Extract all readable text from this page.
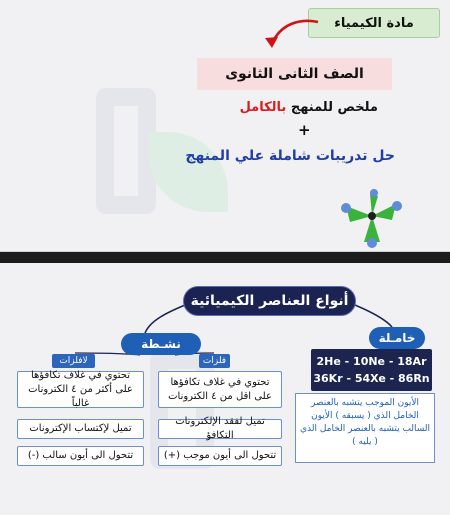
مادة الكيمياء
الصف الثانى الثانوى
ملخص للمنهج بالكامل
+
حل تدريبات شاملة علي المنهج
أنواع العناصر الكيميائية
نشـطة	خامـلة
فلزات
لافلزات
تحتوي في غلاف تكافؤها على أكثر من ٤ الكترونات غالباً
تميل لإكتساب الإكترونات
تتحول الى أيون سالب (-)
تحتوي في غلاف تكافؤها على اقل من ٤ الكترونات
تميل لفقد الإلكترونات التكافؤ
تتحول الى أيون موجب (+)
2He - 10Ne - 18Ar
36Kr - 54Xe - 86Rn
الأيون الموجب يتشبه بالعنصر الخامل الذي ( يسبقه ) الأيون السالب يتشبه بالعنصر الخامل الذي ( يليه )
